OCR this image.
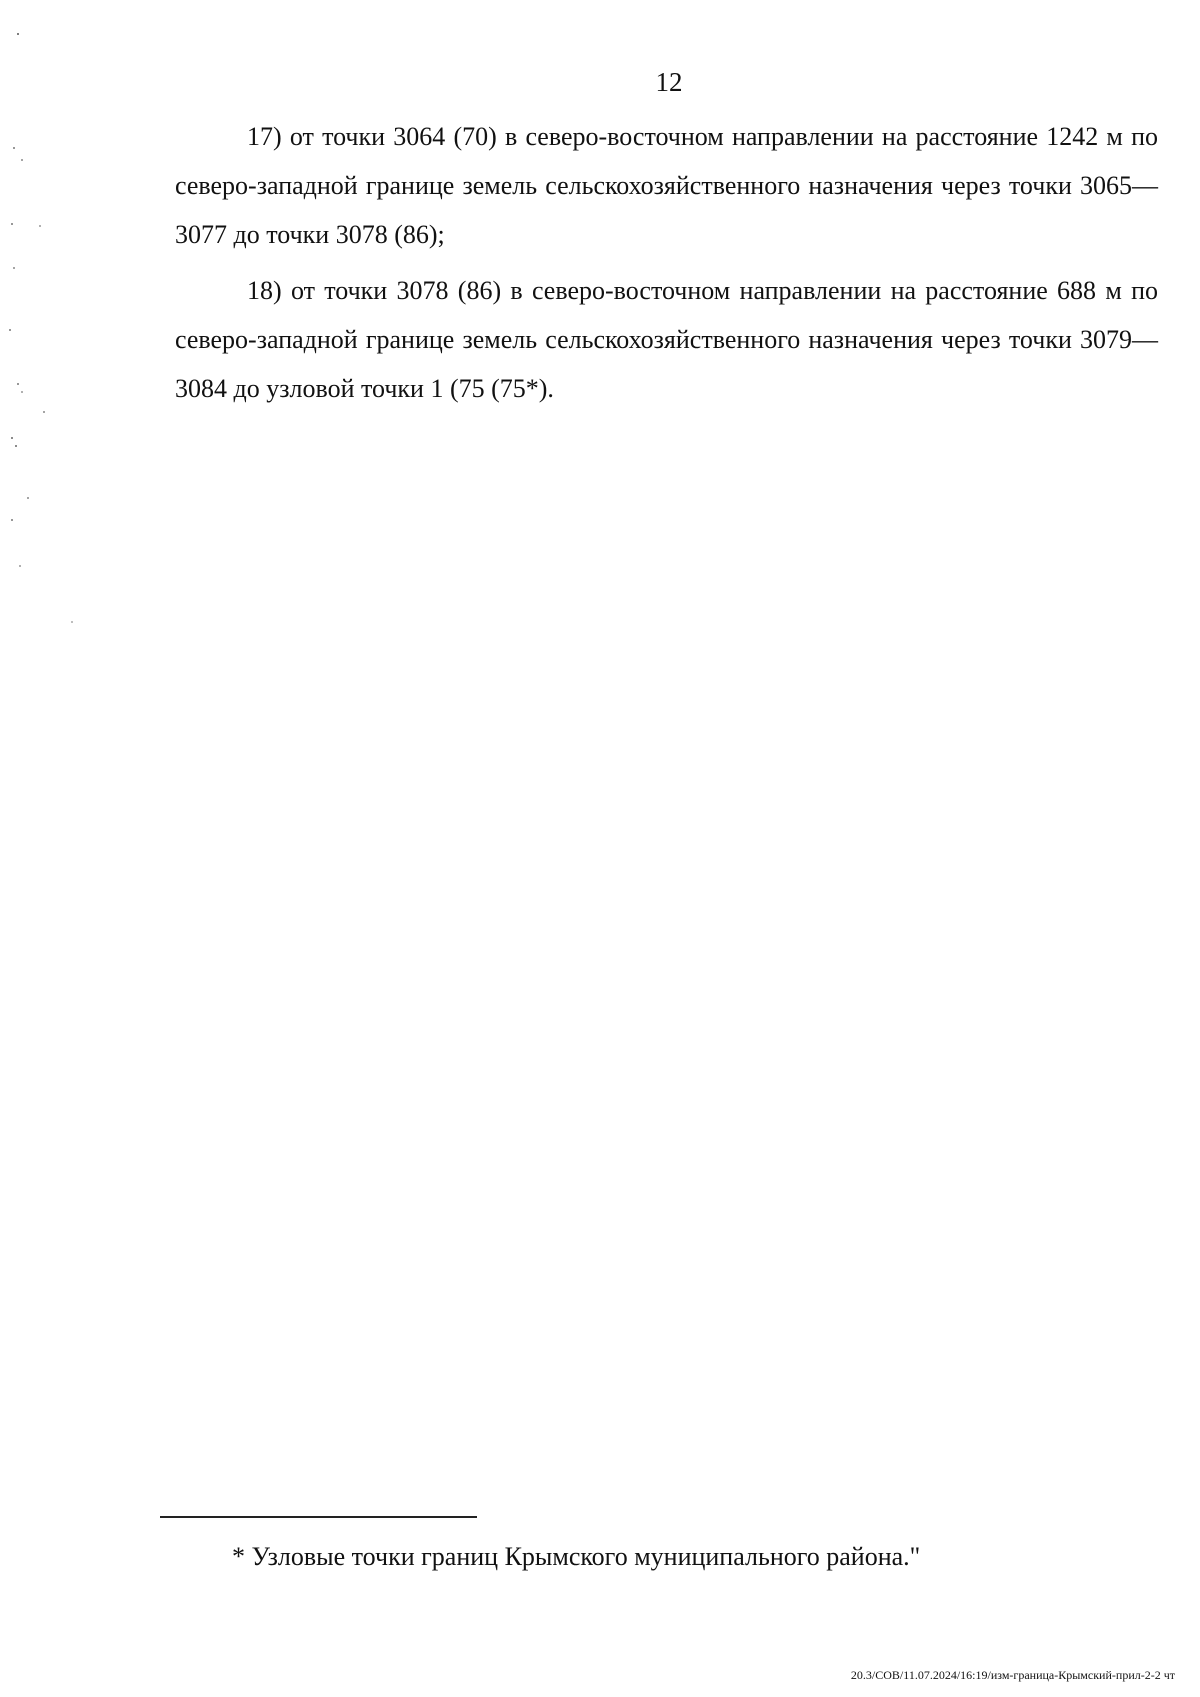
12

17) от точки 3064 (70) в северо-восточном направлении на расстояние 1242 м по северо-западной границе земель сельскохозяйственного назначения через точки 3065—3077 до точки 3078 (86);

18) от точки 3078 (86) в северо-восточном направлении на расстояние 688 м по северо-западной границе земель сельскохозяйственного назначения через точки 3079—3084 до узловой точки 1 (75 (75*).

* Узловые точки границ Крымского муниципального района."
20.3/СОВ/11.07.2024/16:19/изм-граница-Крымский-прил-2-2 чт
